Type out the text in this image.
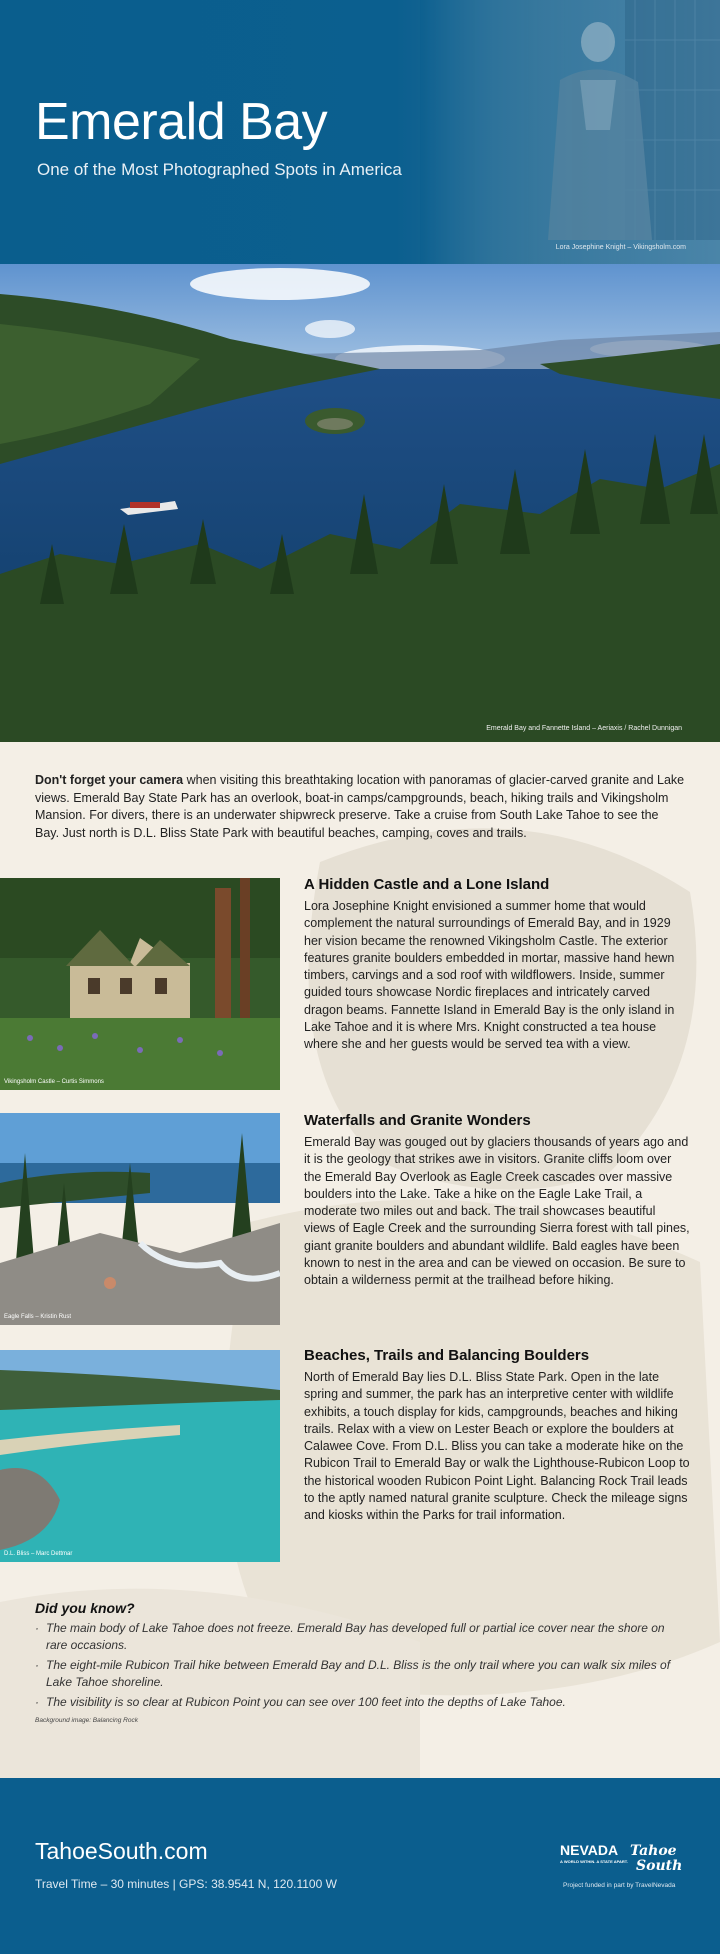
Emerald Bay
One of the Most Photographed Spots in America
Lora Josephine Knight – Vikingsholm.com
Emerald Bay and Fannette Island – Aeriaxis / Rachel Dunnigan
Don't forget your camera when visiting this breathtaking location with panoramas of glacier-carved granite and Lake views. Emerald Bay State Park has an overlook, boat-in camps/campgrounds, beach, hiking trails and Vikingsholm Mansion. For divers, there is an underwater shipwreck preserve. Take a cruise from South Lake Tahoe to see the Bay. Just north is D.L. Bliss State Park with beautiful beaches, camping, coves and trails.
Vikingsholm Castle – Curtis Simmons
A Hidden Castle and a Lone Island

Lora Josephine Knight envisioned a summer home that would complement the natural surroundings of Emerald Bay, and in 1929 her vision became the renowned Vikingsholm Castle. The exterior features granite boulders embedded in mortar, massive hand hewn timbers, carvings and a sod roof with wildflowers. Inside, summer guided tours showcase Nordic fireplaces and intricately carved dragon beams. Fannette Island in Emerald Bay is the only island in Lake Tahoe and it is where Mrs. Knight constructed a tea house where she and her guests would be served tea with a view.

Eagle Falls – Kristin Rust
Waterfalls and Granite Wonders

Emerald Bay was gouged out by glaciers thousands of years ago and it is the geology that strikes awe in visitors. Granite cliffs loom over the Emerald Bay Overlook as Eagle Creek cascades over massive boulders into the Lake. Take a hike on the Eagle Lake Trail, a moderate two miles out and back. The trail showcases beautiful views of Eagle Creek and the surrounding Sierra forest with tall pines, giant granite boulders and abundant wildlife. Bald eagles have been known to nest in the area and can be viewed on occasion. Be sure to obtain a wilderness permit at the trailhead before hiking.

D.L. Bliss – Marc Dettmar
Beaches, Trails and Balancing Boulders

North of Emerald Bay lies D.L. Bliss State Park. Open in the late spring and summer, the park has an interpretive center with wildlife exhibits, a touch display for kids, campgrounds, beaches and hiking trails. Relax with a view on Lester Beach or explore the boulders at Calawee Cove. From D.L. Bliss you can take a moderate hike on the Rubicon Trail to Emerald Bay or walk the Lighthouse-Rubicon Loop to the historical wooden Rubicon Point Light. Balancing Rock Trail leads to the aptly named natural granite sculpture. Check the mileage signs and kiosks within the Parks for trail information.

Did you know?
· The main body of Lake Tahoe does not freeze. Emerald Bay has developed full or partial ice cover near the shore on rare occasions.
· The eight-mile Rubicon Trail hike between Emerald Bay and D.L. Bliss is the only trail where you can walk six miles of Lake Tahoe shoreline.
· The visibility is so clear at Rubicon Point you can see over 100 feet into the depths of Lake Tahoe.
Background image: Balancing Rock
TahoeSouth.com
Travel Time – 30 minutes | GPS: 38.9541 N, 120.1100 W
NEVADA
A WORLD WITHIN. A STATE APART.
Tahoe
South
Project funded in part by TravelNevada
